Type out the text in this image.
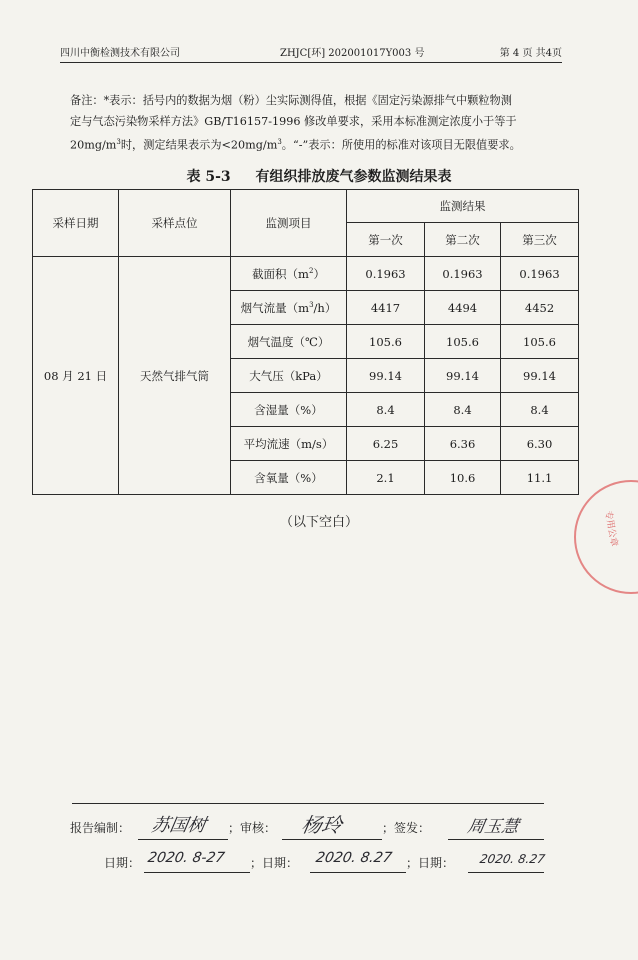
四川中衡检测技术有限公司	ZHJC[环] 202001017Y003 号	第 4 页 共4页
备注：*表示：括号内的数据为烟（粉）尘实际测得值，根据《固定污染源排气中颗粒物测
定与气态污染物采样方法》GB/T16157-1996 修改单要求，采用本标准测定浓度小于等于
$20mg/m^3$时，测定结果表示为$<20mg/m^3$。“-”表示：所使用的标准对该项目无限值要求。
表 5-3 有组织排放废气参数监测结果表
采样日期	采样点位	监测项目	监测结果		
			第一次	第二次	第三次
08 月 21 日	天然气排气筒	截面积$(m^2)$	0.1963	0.1963	0.1963
		烟气流量$(m^3/h)$	4417	4494	4452
		烟气温度（℃）	105.6	105.6	105.6
		大气压（kPa）	99.14	99.14	99.14
		含湿量（%）	8.4	8.4	8.4
		平均流速（m/s）	6.25	6.36	6.30
		含氧量（%）	2.1	10.6	11.1
（以下空白）	专用公章
报告编制： 苏国树 ；审核： 杨玲	；签发： 周玉慧
日期： 2020. 8-27 ；日期： 2020. 8.27 ；日期： 2020. 8.27
